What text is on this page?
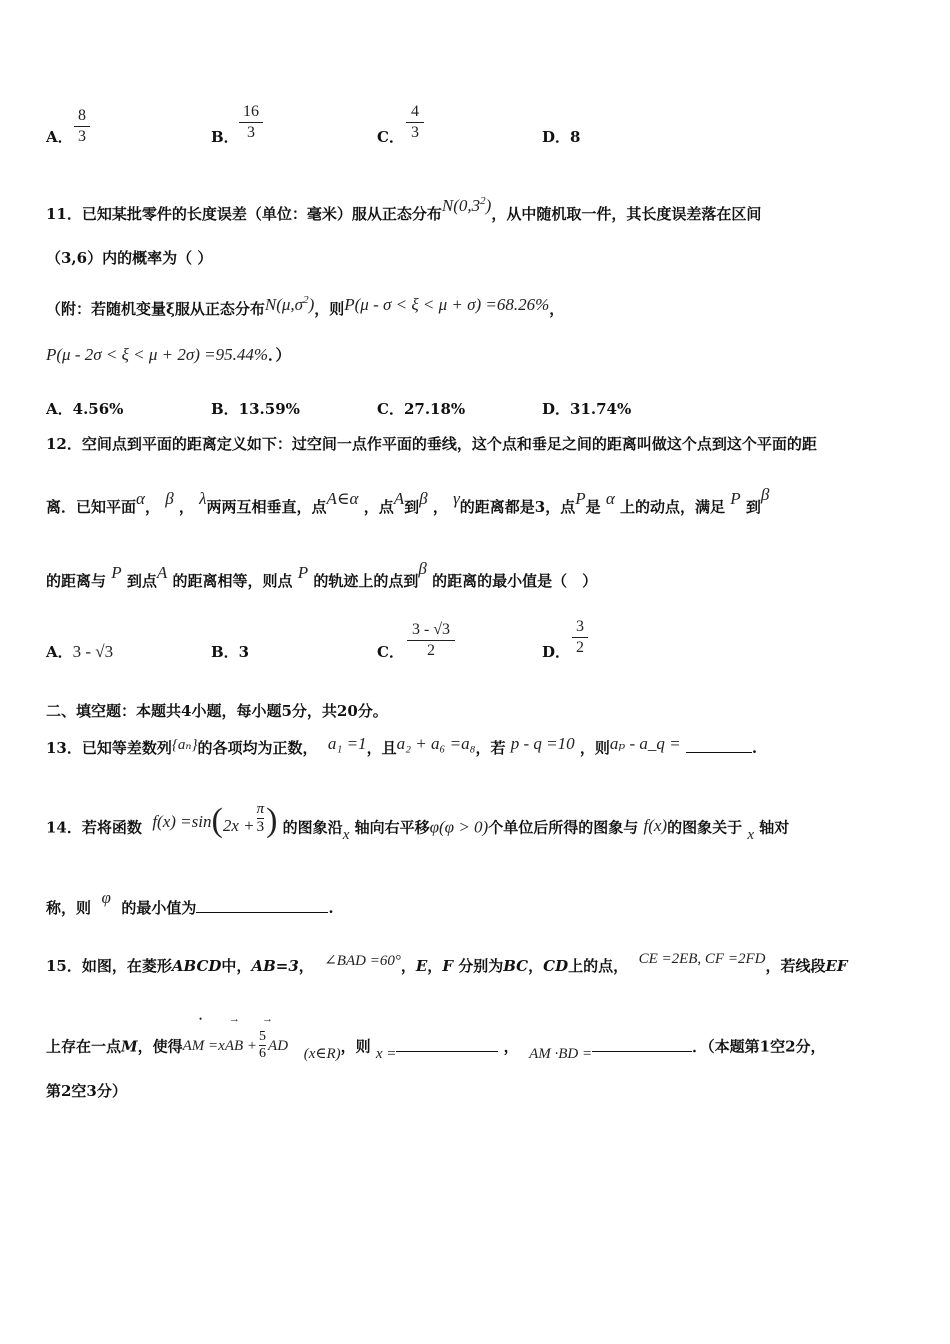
A． $\frac{8}{3}$	B． $\frac{16}{3}$	C． $\frac{4}{3}$	D．8
11．已知某批零件的长度误差（单位：毫米）服从正态分布$N(0,3^2)$，从中随机取一件，其长度误差落在区间
（3,6）内的概率为（ ）
（附：若随机变量ξ服从正态分布$N(\mu,\sigma^2)$，则P(μ - σ < ξ < μ + σ) =68.26%，
P(μ - 2σ < ξ < μ + 2σ) =95.44%．）
A．4.56%	B．13.59%	C．27.18%	D．31.74%
12．空间点到平面的距离定义如下：过空间一点作平面的垂线，这个点和垂足之间的距离叫做这个点到这个平面的距
离．已知平面α， β ， λ两两互相垂直，点A∈α ，点A到β ， γ的距离都是3，点P是 α 上的动点，满足 P 到β
的距离与 P 到点A 的距离相等，则点 P 的轨迹上的点到β 的距离的最小值是（　）
A．3 - √3	B．3	C． $\frac{3 - √3}{2}$	D． $\frac{3}{2}$
二、填空题：本题共4小题，每小题5分，共20分。
13．已知等差数列{aₙ}的各项均为正数， a₁ =1，且a₂ + a₆ =a₈，若 p - q =10 ，则aₚ - a_q =	.
14．若将函数 $f(x) =\sin(2x + \frac{\pi}{3}$ ) 的图象沿x 轴向右平移φ(φ > 0)个单位后所得的图象与 f(x)的图象关于 x 轴对
称，则  φ  的最小值为	.
15．如图，在菱形ABCD中，AB=3， ∠BAD =60°，E，F 分别为BC，CD上的点， CE =2EB, CF =2FD，若线段EF
上存在一点M，使得AM $=xAB + \frac{5}{6}$ AD (x∈R)，则 x =	， AM ·BD =	．（本题第1空2分，
→ →
•
第2空3分）
